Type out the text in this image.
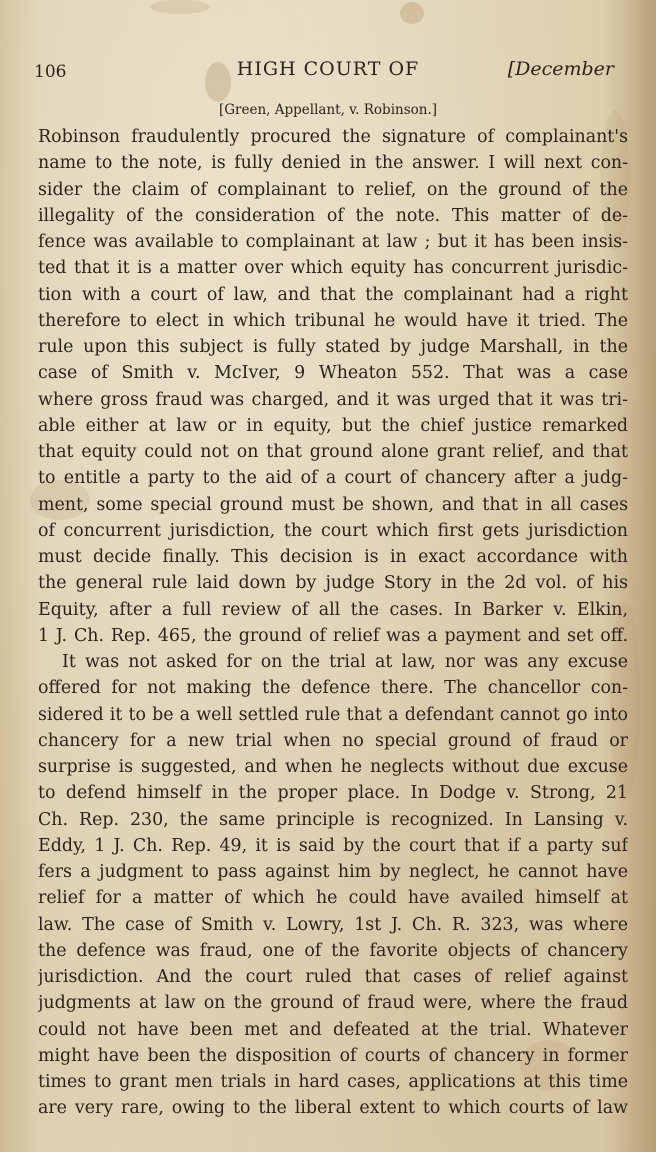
106	HIGH COURT OF	[December
[Green, Appellant, v. Robinson.]
Robinson fraudulently procured the signature of complainant's
name to the note, is fully denied in the answer. I will next con-
sider the claim of complainant to relief, on the ground of the
illegality of the consideration of the note. This matter of de-
fence was available to complainant at law ; but it has been insis-
ted that it is a matter over which equity has concurrent jurisdic-
tion with a court of law, and that the complainant had a right
therefore to elect in which tribunal he would have it tried. The
rule upon this subject is fully stated by judge Marshall, in the
case of Smith v. McIver, 9 Wheaton 552. That was a case
where gross fraud was charged, and it was urged that it was tri-
able either at law or in equity, but the chief justice remarked
that equity could not on that ground alone grant relief, and that
to entitle a party to the aid of a court of chancery after a judg-
ment, some special ground must be shown, and that in all cases
of concurrent jurisdiction, the court which first gets jurisdiction
must decide finally. This decision is in exact accordance with
the general rule laid down by judge Story in the 2d vol. of his
Equity, after a full review of all the cases. In Barker v. Elkin,
1 J. Ch. Rep. 465, the ground of relief was a payment and set off.
It was not asked for on the trial at law, nor was any excuse
offered for not making the defence there. The chancellor con-
sidered it to be a well settled rule that a defendant cannot go into
chancery for a new trial when no special ground of fraud or
surprise is suggested, and when he neglects without due excuse
to defend himself in the proper place. In Dodge v. Strong, 21
Ch. Rep. 230, the same principle is recognized. In Lansing v.
Eddy, 1 J. Ch. Rep. 49, it is said by the court that if a party suf
fers a judgment to pass against him by neglect, he cannot have
relief for a matter of which he could have availed himself at
law. The case of Smith v. Lowry, 1st J. Ch. R. 323, was where
the defence was fraud, one of the favorite objects of chancery
jurisdiction. And the court ruled that cases of relief against
judgments at law on the ground of fraud were, where the fraud
could not have been met and defeated at the trial. Whatever
might have been the disposition of courts of chancery in former
times to grant men trials in hard cases, applications at this time
are very rare, owing to the liberal extent to which courts of law
